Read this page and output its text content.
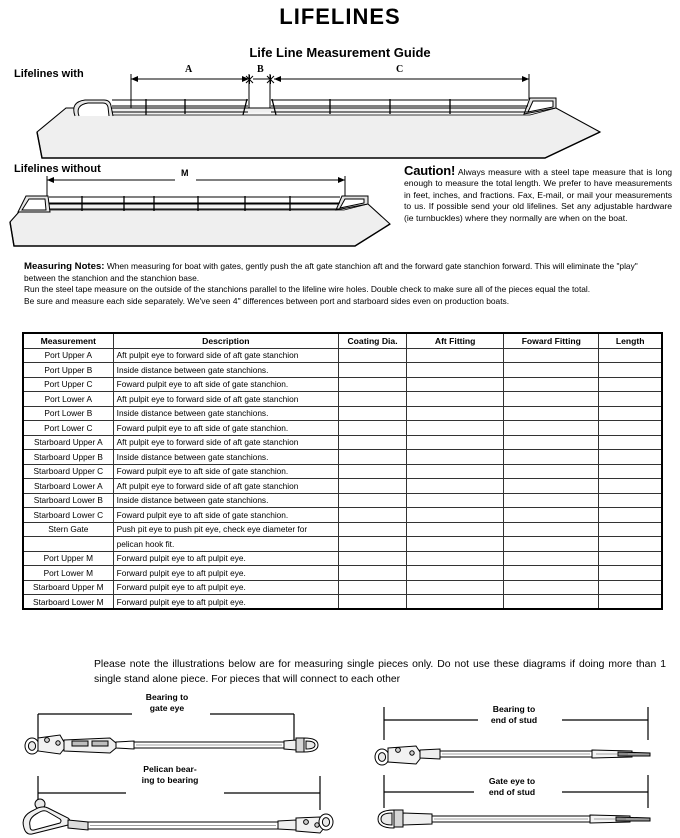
LIFELINES
Life Line Measurement Guide
Lifelines with	A	B	C
Lifelines without	M	Caution! Always measure with a steel tape measure that is long enough to measure the total length. We prefer to have measurements in feet, inches, and fractions. Fax, E-mail, or mail your measurements to us. If possible send your old lifelines. Set any adjustable hardware (ie turnbuckles) where they normally are when on the boat.

Measuring Notes: When measuring for boat with gates, gently push the aft gate stanchion aft and the forward gate stanchion forward. This will eliminate the "play" between the stanchion and the stanchion base.

Run the steel tape measure on the outside of the stanchions parallel to the lifeline wire holes. Double check to make sure all of the pieces equal the total.

Be sure and measure each side separately. We've seen 4" differences between port and starboard sides even on production boats.

Measurement	Description	Coating Dia.	Aft Fitting	Foward Fitting	Length
Port Upper A	Aft pulpit eye to forward side of aft gate stanchion				
Port Upper B	Inside distance between gate stanchions.				
Port Upper C	Foward pulpit eye to aft side of gate stanchion.				
Port Lower A	Aft pulpit eye to forward side of aft gate stanchion				
Port Lower B	Inside distance between gate stanchions.				
Port Lower C	Foward pulpit eye to aft side of gate stanchion.				
Starboard Upper A	Aft pulpit eye to forward side of aft gate stanchion				
Starboard Upper B	Inside distance between gate stanchions.				
Starboard Upper C	Foward pulpit eye to aft side of gate stanchion.				
Starboard Lower A	Aft pulpit eye to forward side of aft gate stanchion				
Starboard Lower B	Inside distance between gate stanchions.				
Starboard Lower C	Foward pulpit eye to aft side of gate stanchion.				
Stern Gate	Push pit eye to push pit eye, check eye diameter for				
	pelican hook fit.				
Port Upper M	Forward pulpit eye to aft pulpit eye.				
Port Lower M	Forward pulpit eye to aft pulpit eye.				
Starboard Upper M	Forward pulpit eye to aft pulpit eye.				
Starboard Lower M	Forward pulpit eye to aft pulpit eye.				
Please note the illustrations below are for measuring single pieces only. Do not use these diagrams if doing more than 1 single stand alone piece. For pieces that will connect to each other
Bearing to
gate eye	Bearing to
end of stud
Pelican bear-
ing to bearing	Gate eye to
end of stud
